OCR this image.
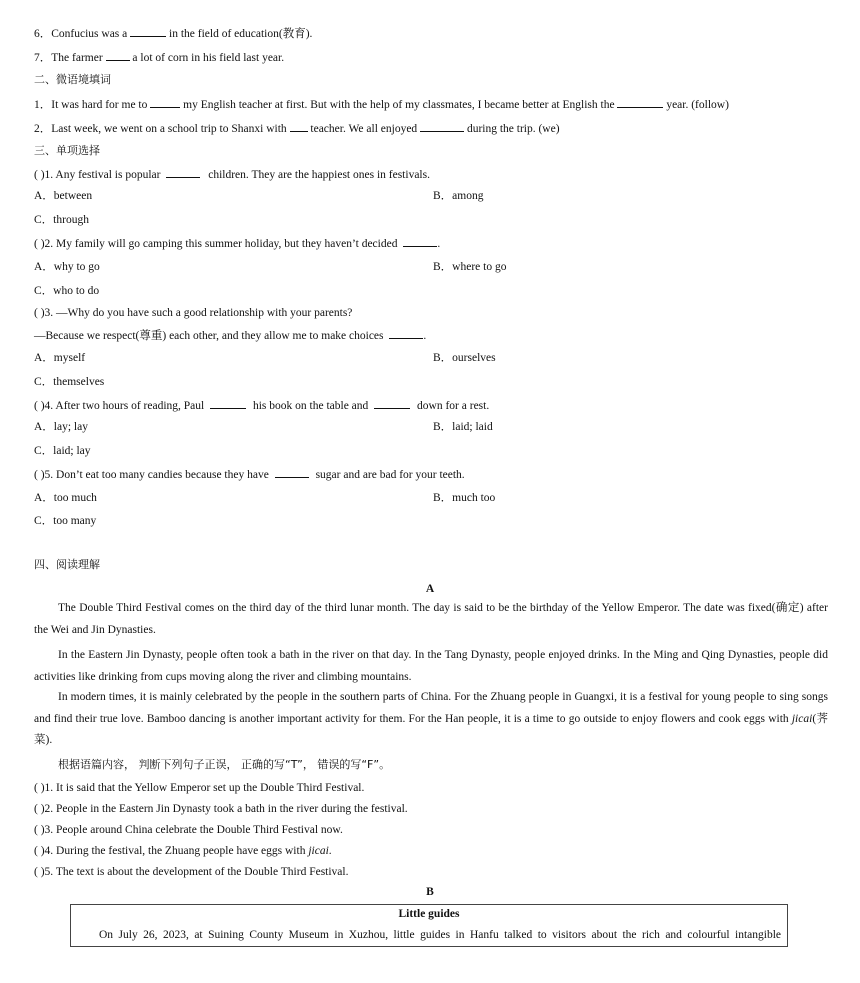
6．Confucius was a	in the field of education(教育).
7．The farmer  a lot of corn in his field last year.
二、微语境填词
1．It was hard for me to	my English teacher at first. But with the help of my classmates, I became better at English the	year. (follow)
2．Last week, we went on a school trip to Shanxi with  teacher. We all enjoyed	during the trip. (we)
三、单项选择
( )1. Any festival is popular	children. They are the happiest ones in festivals.
A．between	B．among
C．through
( )2. My family will go camping this summer holiday, but they haven’t decided	.
A．why to go	B．where to go
C．who to do
( )3. —Why do you have such a good relationship with your parents?
—Because we respect(尊重) each other, and they allow me to make choices	.
A．myself	B．ourselves
C．themselves
( )4. After two hours of reading, Paul	his book on the table and	down for a rest.
A．lay; lay	B．laid; laid
C．laid; lay
( )5. Don’t eat too many candies because they have	sugar and are bad for your teeth.
A．too much	B．much too
C．too many
四、阅读理解
A
The Double Third Festival comes on the third day of the third lunar month. The day is said to be the birthday of the Yellow Emperor. The date was fixed(确定) after the Wei and Jin Dynasties.
In the Eastern Jin Dynasty, people often took a bath in the river on that day. In the Tang Dynasty, people enjoyed drinks. In the Ming and Qing Dynasties, people did activities like drinking from cups moving along the river and climbing mountains.
In modern times, it is mainly celebrated by the people in the southern parts of China. For the Zhuang people in Guangxi, it is a festival for young people to sing songs and find their true love. Bamboo dancing is another important activity for them. For the Han people, it is a time to go outside to enjoy flowers and cook eggs with jicai(荠菜).
根据语篇内容， 判断下列句子正误， 正确的写“T”， 错误的写“F”。
( )1. It is said that the Yellow Emperor set up the Double Third Festival.
( )2. People in the Eastern Jin Dynasty took a bath in the river during the festival.
( )3. People around China celebrate the Double Third Festival now.
( )4. During the festival, the Zhuang people have eggs with jicai.
( )5. The text is about the development of the Double Third Festival.
B
Little guides
On July 26, 2023, at Suining County Museum in Xuzhou, little guides in Hanfu talked to visitors about the rich and colourful intangible
